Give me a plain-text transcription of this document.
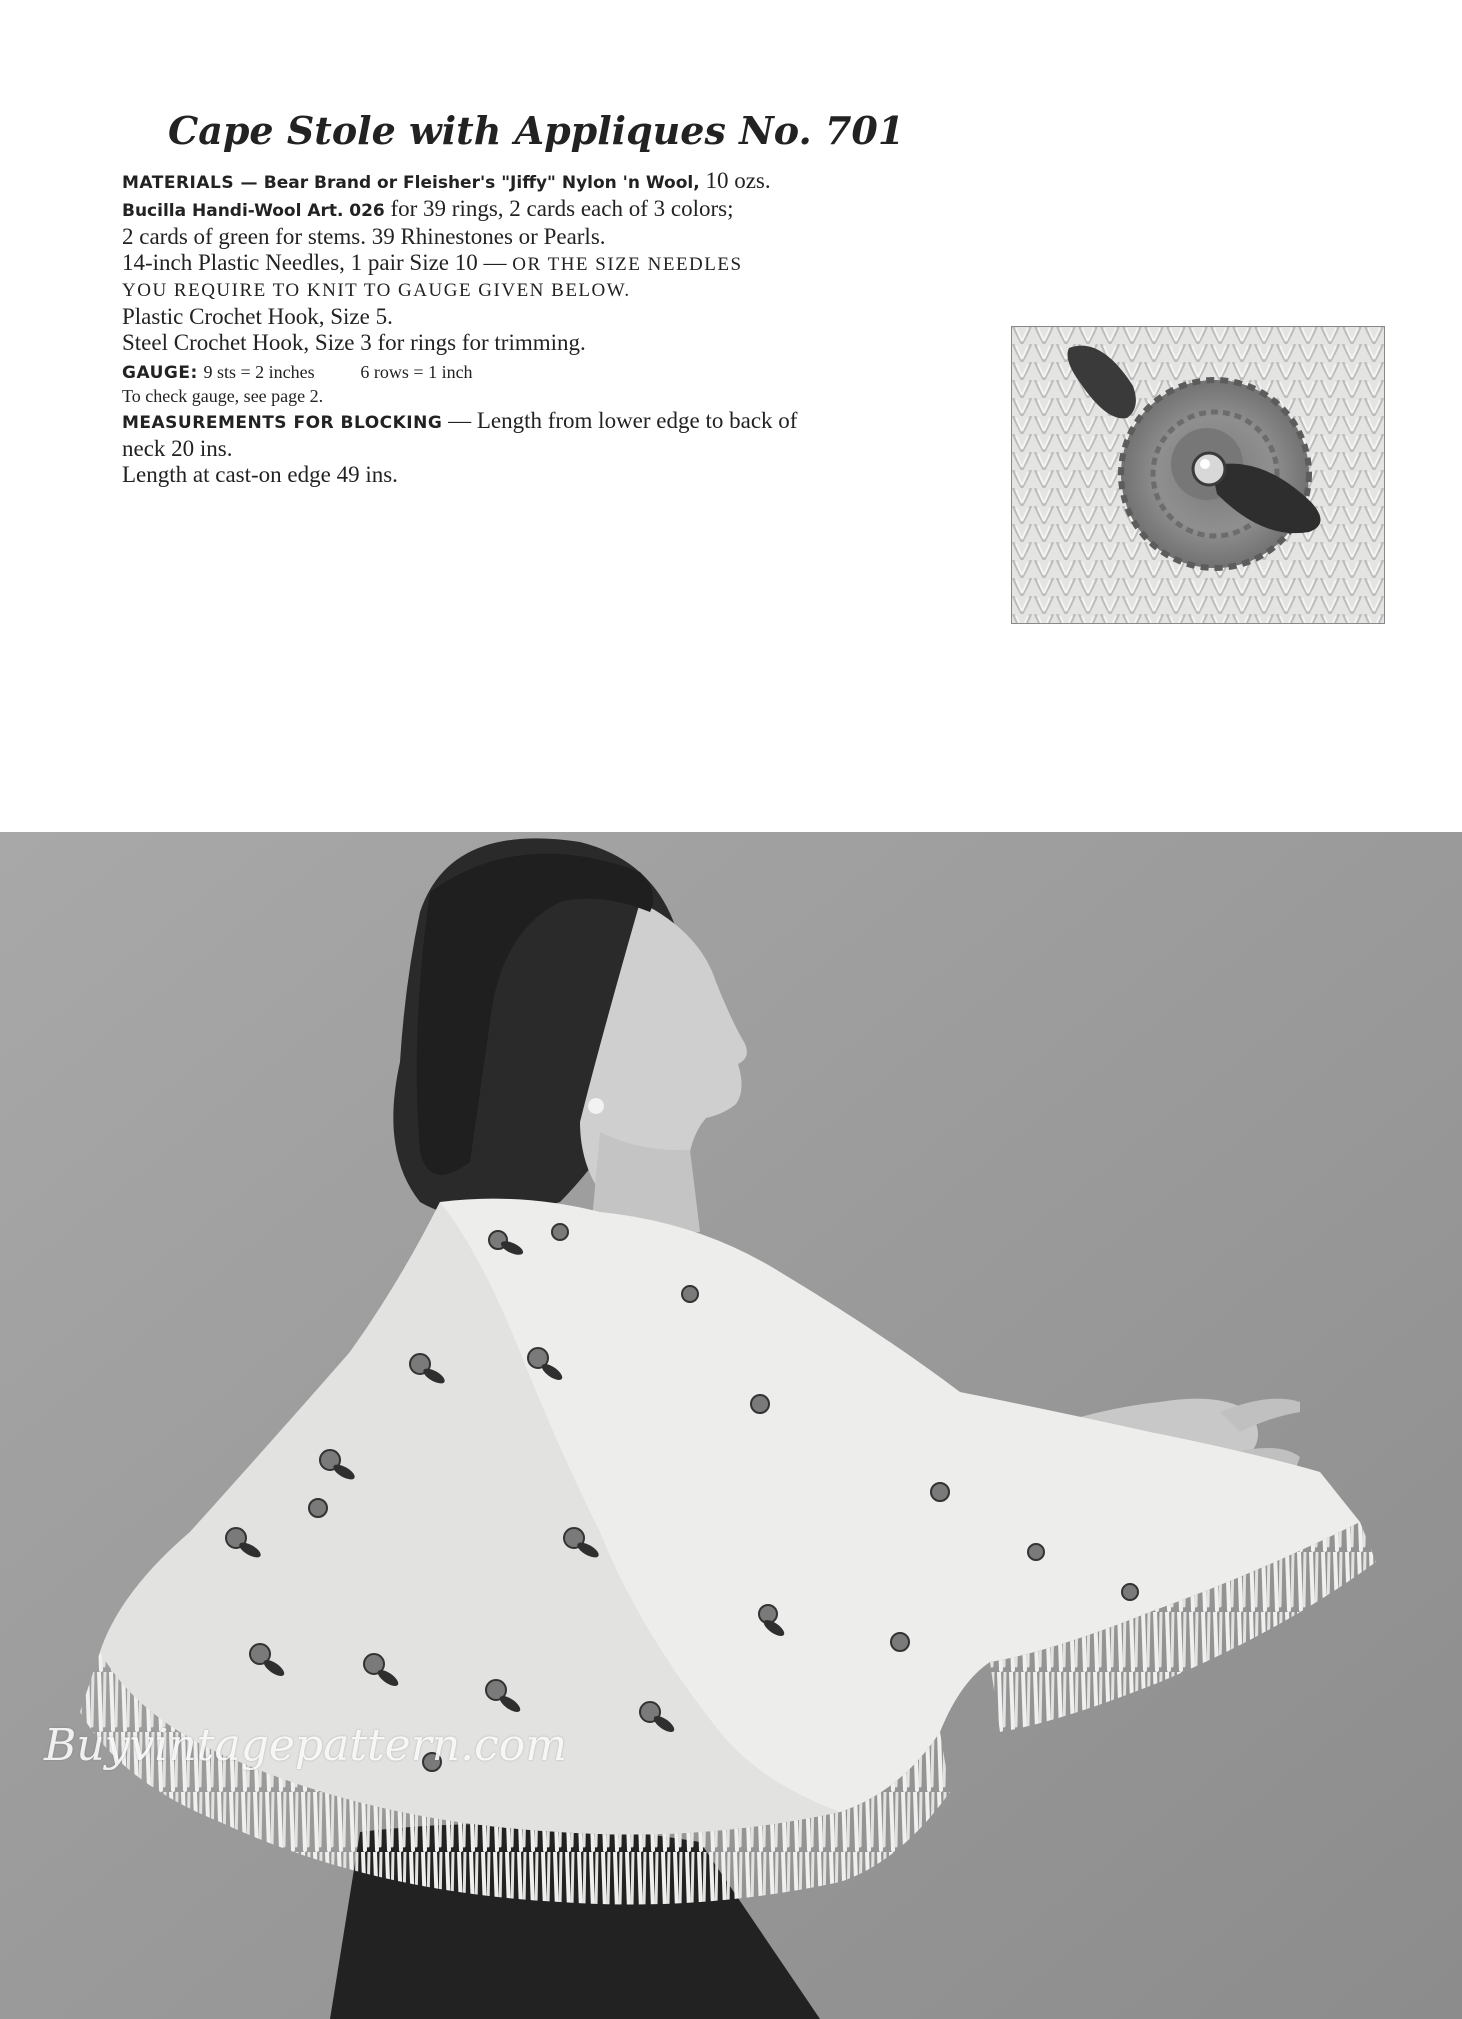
Cape Stole with Appliques No. 701
MATERIALS — Bear Brand or Fleisher's "Jiffy" Nylon 'n Wool, 10 ozs.
Bucilla Handi-Wool Art. 026 for 39 rings, 2 cards each of 3 colors;
2 cards of green for stems. 39 Rhinestones or Pearls.
14-inch Plastic Needles, 1 pair Size 10 — OR THE SIZE NEEDLES
YOU REQUIRE TO KNIT TO GAUGE GIVEN BELOW.
Plastic Crochet Hook, Size 5.
Steel Crochet Hook, Size 3 for rings for trimming.
GAUGE: 9 sts = 2 inches	6 rows = 1 inch
To check gauge, see page 2.
MEASUREMENTS FOR BLOCKING — Length from lower edge to back of
neck 20 ins.
Length at cast-on edge 49 ins.
Buyvintagepattern.com
